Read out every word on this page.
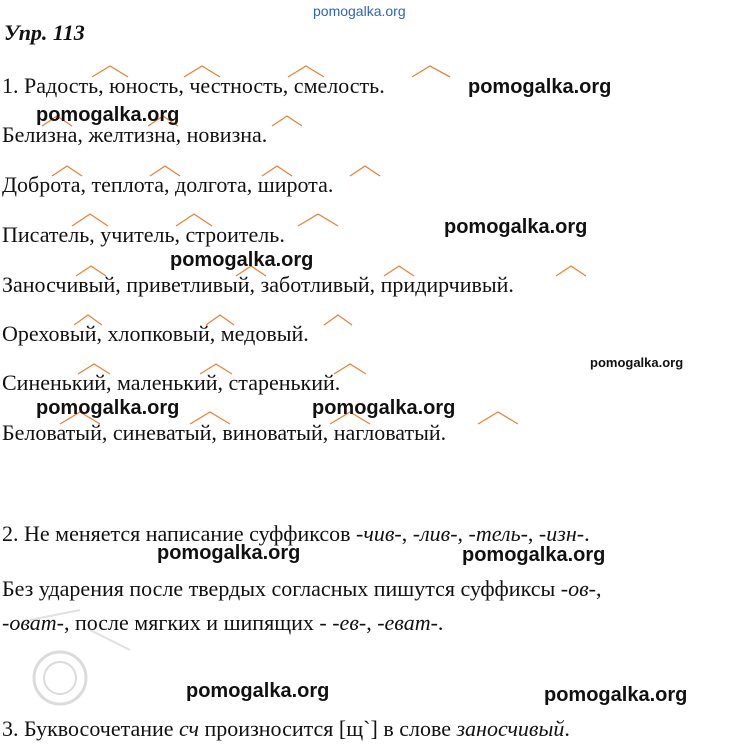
pomogalka.org
Упр. 113
1. Радость, юность, честность, смелость.
Белизна, желтизна, новизна.
Доброта, теплота, долгота, широта.
Писатель, учитель, строитель.
Заносчивый, приветливый, заботливый, придирчивый.
Ореховый, хлопковый, медовый.
Синенький, маленький, старенький.
Беловатый, синеватый, виноватый, нагловатый.
2. Не меняется написание суффиксов -чив-, -лив-, -тель-, -изн-.
Без ударения после твердых согласных пишутся суффиксы -ов-,
-оват-, после мягких и шипящих - -ев-, -еват-.
3. Буквосочетание сч произносится [щ`] в слове заносчивый.
pomogalka.org
pomogalka.org
pomogalka.org
pomogalka.org
pomogalka.org
pomogalka.org	pomogalka.org
pomogalka.org	pomogalka.org
pomogalka.org	pomogalka.org
